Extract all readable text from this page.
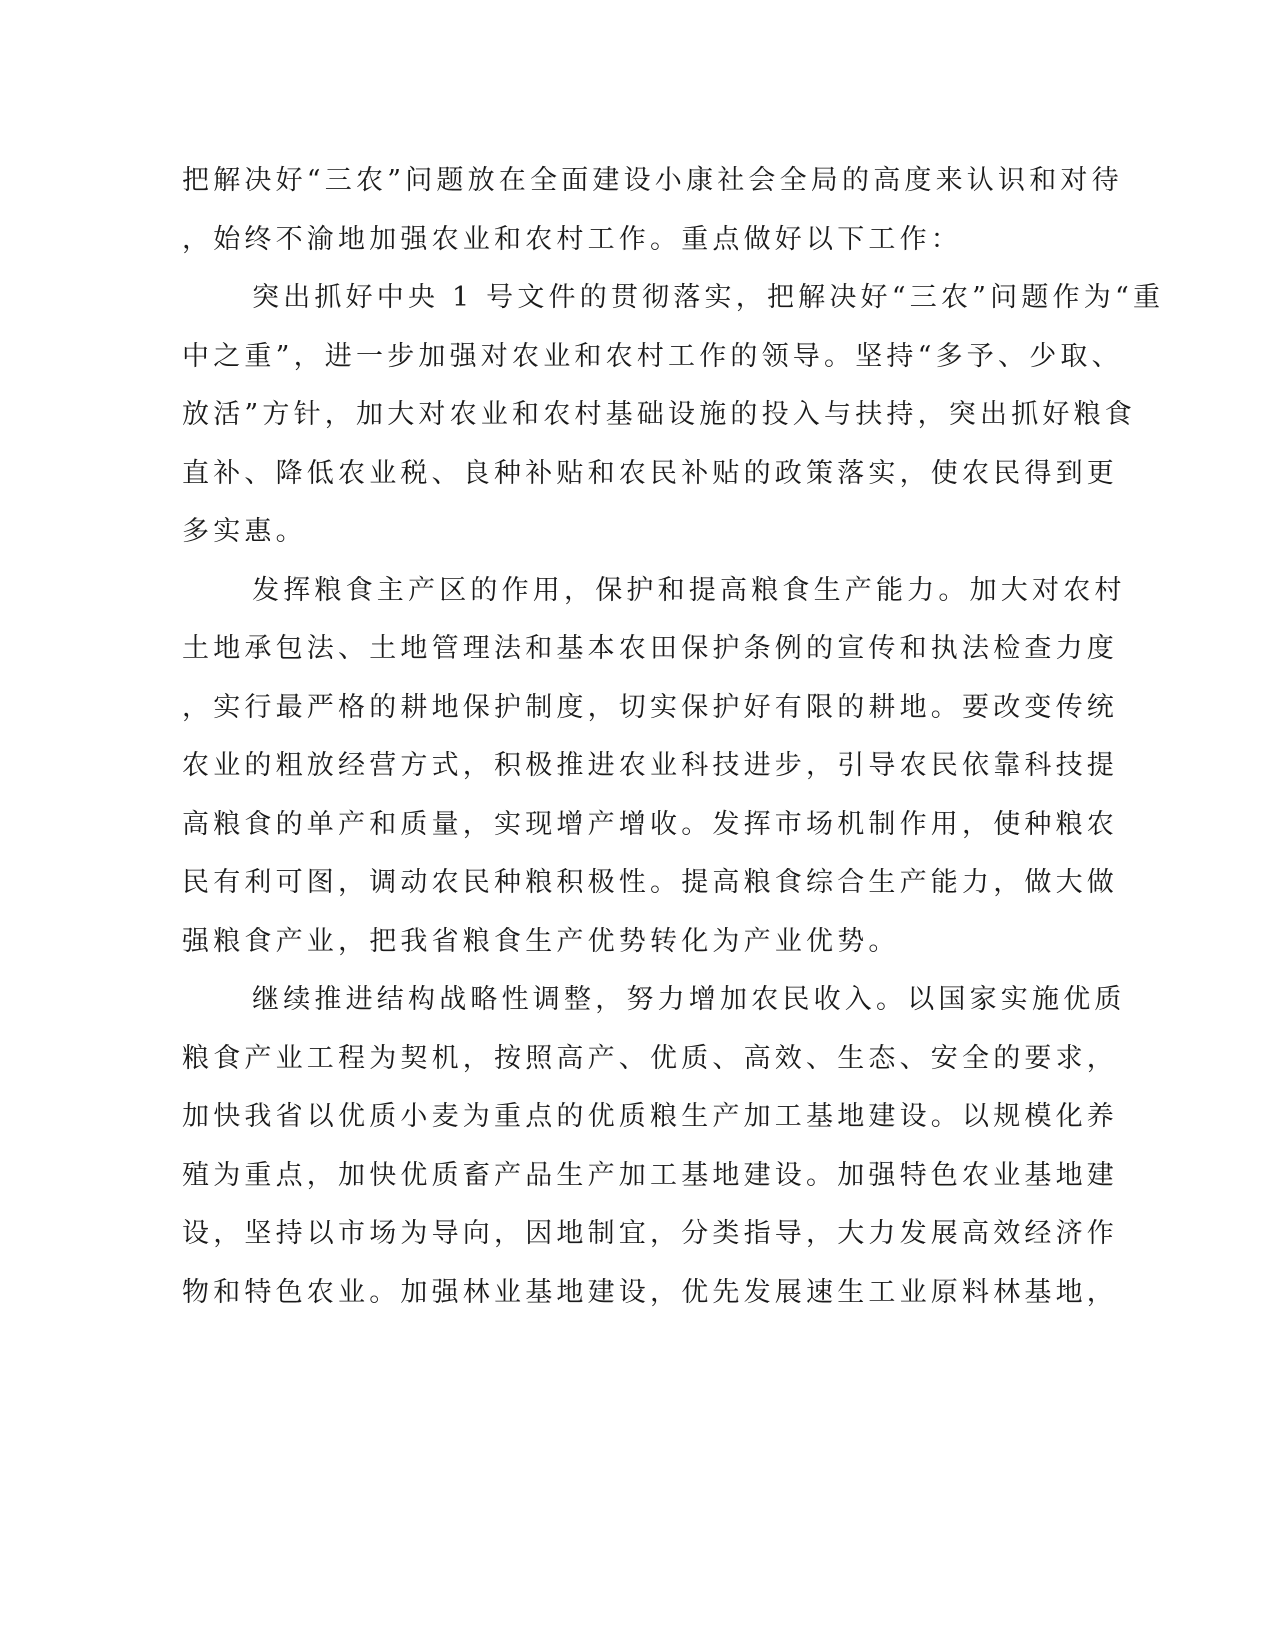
把解决好“三农”问题放在全面建设小康社会全局的高度来认识和对待
，始终不渝地加强农业和农村工作。重点做好以下工作：
突出抓好中央 1 号文件的贯彻落实，把解决好“三农”问题作为“重
中之重”，进一步加强对农业和农村工作的领导。坚持“多予、少取、
放活”方针，加大对农业和农村基础设施的投入与扶持，突出抓好粮食
直补、降低农业税、良种补贴和农民补贴的政策落实，使农民得到更
多实惠。
发挥粮食主产区的作用，保护和提高粮食生产能力。加大对农村
土地承包法、土地管理法和基本农田保护条例的宣传和执法检查力度
，实行最严格的耕地保护制度，切实保护好有限的耕地。要改变传统
农业的粗放经营方式，积极推进农业科技进步，引导农民依靠科技提
高粮食的单产和质量，实现增产增收。发挥市场机制作用，使种粮农
民有利可图，调动农民种粮积极性。提高粮食综合生产能力，做大做
强粮食产业，把我省粮食生产优势转化为产业优势。
继续推进结构战略性调整，努力增加农民收入。以国家实施优质
粮食产业工程为契机，按照高产、优质、高效、生态、安全的要求，
加快我省以优质小麦为重点的优质粮生产加工基地建设。以规模化养
殖为重点，加快优质畜产品生产加工基地建设。加强特色农业基地建
设，坚持以市场为导向，因地制宜，分类指导，大力发展高效经济作
物和特色农业。加强林业基地建设，优先发展速生工业原料林基地，
